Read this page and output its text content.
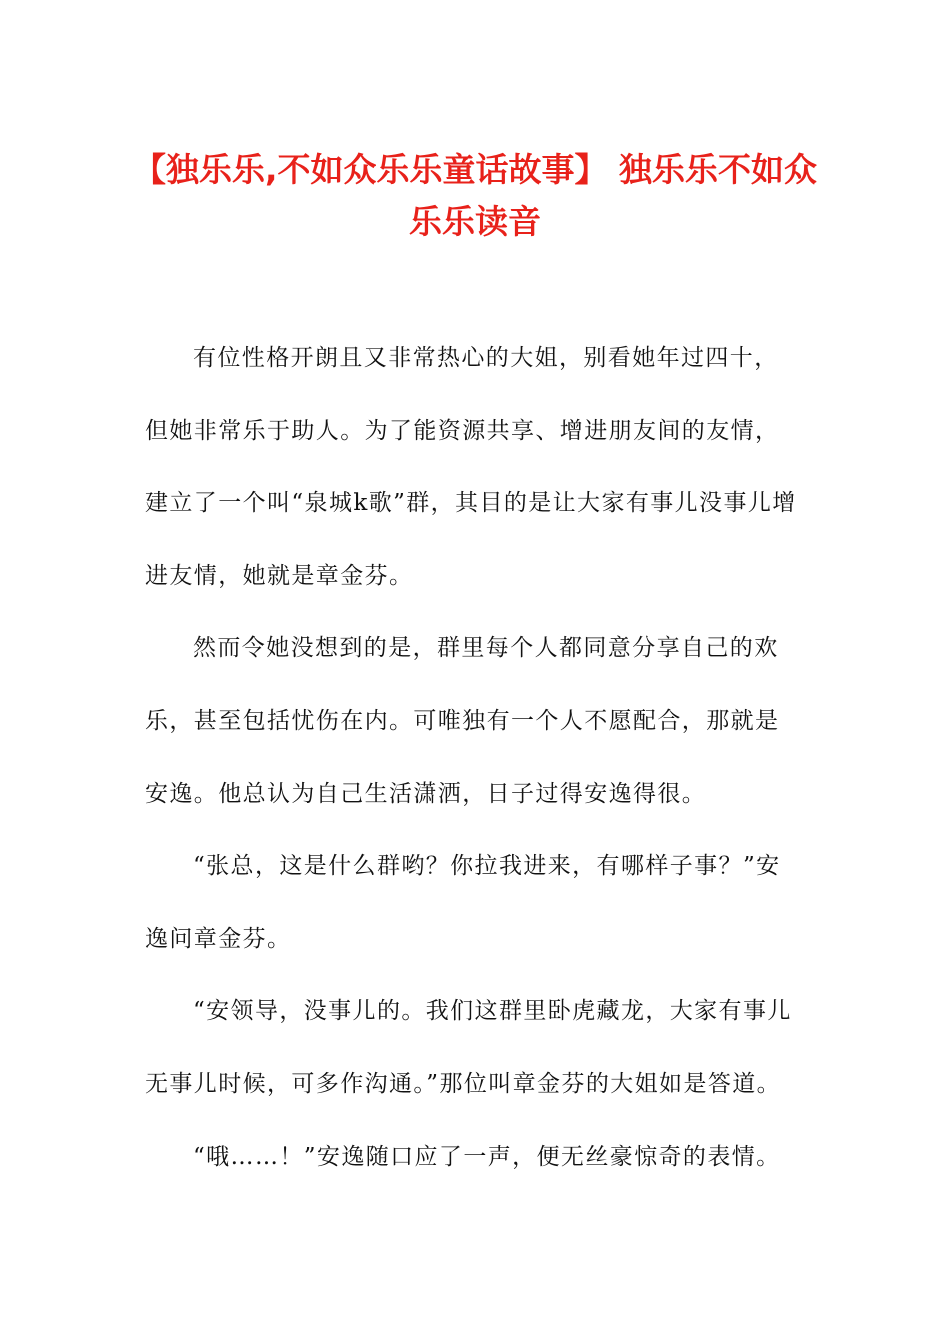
【独乐乐,不如众乐乐童话故事】 独乐乐不如众乐乐读音

有位性格开朗且又非常热心的大姐，别看她年过四十，但她非常乐于助人。为了能资源共享、增进朋友间的友情，建立了一个叫“泉城k歌”群，其目的是让大家有事儿没事儿增进友情，她就是章金芬。

然而令她没想到的是，群里每个人都同意分享自己的欢乐，甚至包括忧伤在内。可唯独有一个人不愿配合，那就是安逸。他总认为自己生活潇洒，日子过得安逸得很。

“张总，这是什么群哟？你拉我进来，有哪样子事？”安逸问章金芬。

“安领导，没事儿的。我们这群里卧虎藏龙，大家有事儿无事儿时候，可多作沟通。”那位叫章金芬的大姐如是答道。

“哦……！”安逸随口应了一声，便无丝豪惊奇的表情。
